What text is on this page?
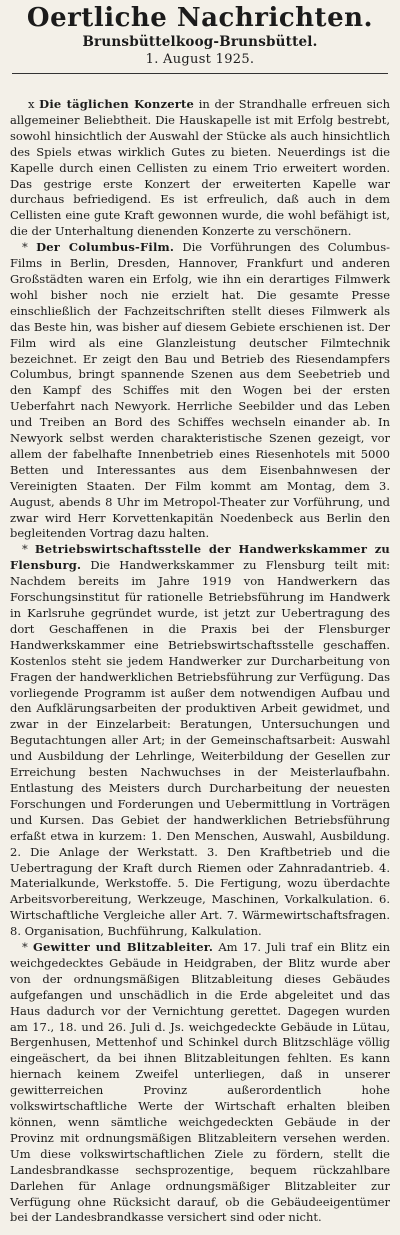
Oertliche Nachrichten.
Brunsbüttelkoog-Brunsbüttel.
1. August 1925.

x Die täglichen Konzerte in der Strandhalle erfreuen sich allgemeiner Beliebtheit. Die Hauskapelle ist mit Erfolg bestrebt, sowohl hinsichtlich der Auswahl der Stücke als auch hinsichtlich des Spiels etwas wirklich Gutes zu bieten. Neuerdings ist die Kapelle durch einen Cellisten zu einem Trio erweitert worden. Das gestrige erste Konzert der erweiterten Kapelle war durchaus befriedigend. Es ist erfreulich, daß auch in dem Cellisten eine gute Kraft gewonnen wurde, die wohl befähigt ist, die der Unterhaltung dienenden Konzerte zu verschönern.

* Der Columbus-Film. Die Vorführungen des Columbus-Films in Berlin, Dresden, Hannover, Frankfurt und anderen Großstädten waren ein Erfolg, wie ihn ein derartiges Filmwerk wohl bisher noch nie erzielt hat. Die gesamte Presse einschließlich der Fachzeitschriften stellt dieses Filmwerk als das Beste hin, was bisher auf diesem Gebiete erschienen ist. Der Film wird als eine Glanzleistung deutscher Filmtechnik bezeichnet. Er zeigt den Bau und Betrieb des Riesendampfers Columbus, bringt spannende Szenen aus dem Seebetrieb und den Kampf des Schiffes mit den Wogen bei der ersten Ueberfahrt nach Newyork. Herrliche Seebilder und das Leben und Treiben an Bord des Schiffes wechseln einander ab. In Newyork selbst werden charakteristische Szenen gezeigt, vor allem der fabelhafte Innenbetrieb eines Riesenhotels mit 5000 Betten und Interessantes aus dem Eisenbahnwesen der Vereinigten Staaten. Der Film kommt am Montag, dem 3. August, abends 8 Uhr im Metropol-Theater zur Vorführung, und zwar wird Herr Korvettenkapitän Noedenbeck aus Berlin den begleitenden Vortrag dazu halten.

* Betriebswirtschaftsstelle der Handwerkskammer zu Flensburg. Die Handwerkskammer zu Flensburg teilt mit: Nachdem bereits im Jahre 1919 von Handwerkern das Forschungsinstitut für rationelle Betriebsführung im Handwerk in Karlsruhe gegründet wurde, ist jetzt zur Uebertragung des dort Geschaffenen in die Praxis bei der Flensburger Handwerkskammer eine Betriebswirtschaftsstelle geschaffen. Kostenlos steht sie jedem Handwerker zur Durcharbeitung von Fragen der handwerklichen Betriebsführung zur Verfügung. Das vorliegende Programm ist außer dem notwendigen Aufbau und den Aufklärungsarbeiten der produktiven Arbeit gewidmet, und zwar in der Einzelarbeit: Beratungen, Untersuchungen und Begutachtungen aller Art; in der Gemeinschaftsarbeit: Auswahl und Ausbildung der Lehrlinge, Weiterbildung der Gesellen zur Erreichung besten Nachwuchses in der Meisterlaufbahn. Entlastung des Meisters durch Durcharbeitung der neuesten Forschungen und Forderungen und Uebermittlung in Vorträgen und Kursen. Das Gebiet der handwerklichen Betriebsführung erfaßt etwa in kurzem: 1. Den Menschen, Auswahl, Ausbildung. 2. Die Anlage der Werkstatt. 3. Den Kraftbetrieb und die Uebertragung der Kraft durch Riemen oder Zahnradantrieb. 4. Materialkunde, Werkstoffe. 5. Die Fertigung, wozu überdachte Arbeitsvorbereitung, Werkzeuge, Maschinen, Vorkalkulation. 6. Wirtschaftliche Vergleiche aller Art. 7. Wärmewirtschaftsfragen. 8. Organisation, Buchführung, Kalkulation.

* Gewitter und Blitzableiter. Am 17. Juli traf ein Blitz ein weichgedecktes Gebäude in Heidgraben, der Blitz wurde aber von der ordnungsmäßigen Blitzableitung dieses Gebäudes aufgefangen und unschädlich in die Erde abgeleitet und das Haus dadurch vor der Vernichtung gerettet. Dagegen wurden am 17., 18. und 26. Juli d. Js. weichgedeckte Gebäude in Lütau, Bergenhusen, Mettenhof und Schinkel durch Blitzschläge völlig eingeäschert, da bei ihnen Blitzableitungen fehlten. Es kann hiernach keinem Zweifel unterliegen, daß in unserer gewitterreichen Provinz außerordentlich hohe volkswirtschaftliche Werte der Wirtschaft erhalten bleiben können, wenn sämtliche weichgedeckten Gebäude in der Provinz mit ordnungsmäßigen Blitzableitern versehen werden. Um diese volkswirtschaftlichen Ziele zu fördern, stellt die Landesbrandkasse sechsprozentige, bequem rückzahlbare Darlehen für Anlage ordnungsmäßiger Blitzableiter zur Verfügung ohne Rücksicht darauf, ob die Gebäudeeigentümer bei der Landesbrandkasse versichert sind oder nicht.
